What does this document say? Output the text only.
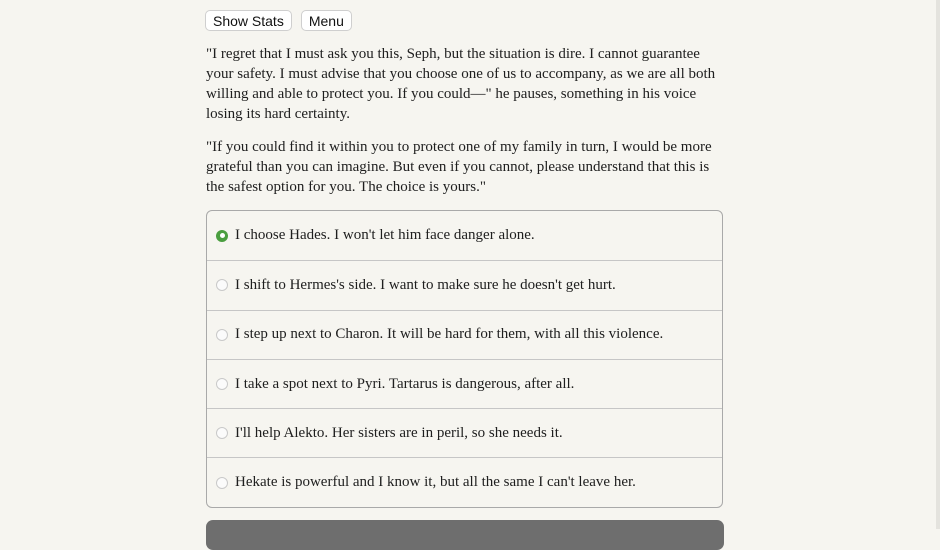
Show Stats	Menu

"I regret that I must ask you this, Seph, but the situation is dire. I cannot guarantee your safety. I must advise that you choose one of us to accompany, as we are all both willing and able to protect you. If you could—" he pauses, something in his voice losing its hard certainty.

"If you could find it within you to protect one of my family in turn, I would be more grateful than you can imagine. But even if you cannot, please understand that this is the safest option for you. The choice is yours."

I choose Hades. I won't let him face danger alone.
I shift to Hermes's side. I want to make sure he doesn't get hurt.
I step up next to Charon. It will be hard for them, with all this violence.
I take a spot next to Pyri. Tartarus is dangerous, after all.
I'll help Alekto. Her sisters are in peril, so she needs it.
Hekate is powerful and I know it, but all the same I can't leave her.
